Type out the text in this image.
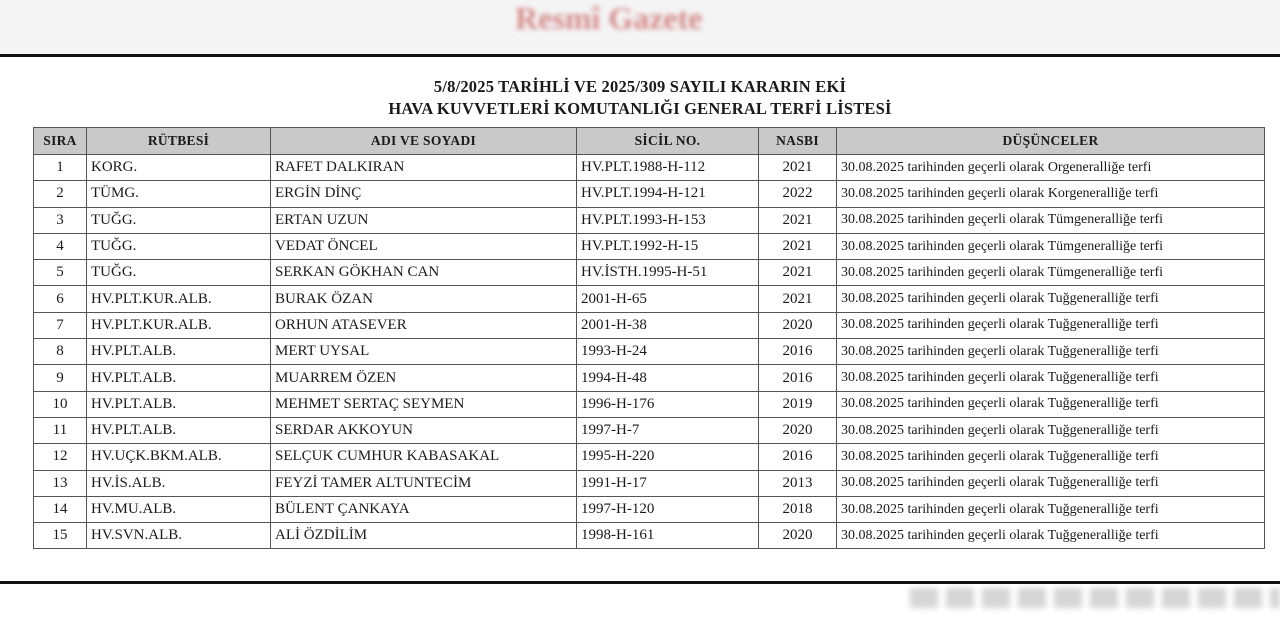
Resmî Gazete
5/8/2025 TARİHLİ VE 2025/309 SAYILI KARARIN EKİ
HAVA KUVVETLERİ KOMUTANLIĞI GENERAL TERFİ LİSTESİ
SIRA	RÜTBESİ	ADI VE SOYADI	SİCİL NO.	NASBI	DÜŞÜNCELER
1	KORG.	RAFET DALKIRAN	HV.PLT.1988-H-112	2021	30.08.2025 tarihinden geçerli olarak Orgeneralliğe terfi
2	TÜMG.	ERGİN DİNÇ	HV.PLT.1994-H-121	2022	30.08.2025 tarihinden geçerli olarak Korgeneralliğe terfi
3	TUĞG.	ERTAN UZUN	HV.PLT.1993-H-153	2021	30.08.2025 tarihinden geçerli olarak Tümgeneralliğe terfi
4	TUĞG.	VEDAT ÖNCEL	HV.PLT.1992-H-15	2021	30.08.2025 tarihinden geçerli olarak Tümgeneralliğe terfi
5	TUĞG.	SERKAN GÖKHAN CAN	HV.İSTH.1995-H-51	2021	30.08.2025 tarihinden geçerli olarak Tümgeneralliğe terfi
6	HV.PLT.KUR.ALB.	BURAK ÖZAN	2001-H-65	2021	30.08.2025 tarihinden geçerli olarak Tuğgeneralliğe terfi
7	HV.PLT.KUR.ALB.	ORHUN ATASEVER	2001-H-38	2020	30.08.2025 tarihinden geçerli olarak Tuğgeneralliğe terfi
8	HV.PLT.ALB.	MERT UYSAL	1993-H-24	2016	30.08.2025 tarihinden geçerli olarak Tuğgeneralliğe terfi
9	HV.PLT.ALB.	MUARREM ÖZEN	1994-H-48	2016	30.08.2025 tarihinden geçerli olarak Tuğgeneralliğe terfi
10	HV.PLT.ALB.	MEHMET SERTAÇ SEYMEN	1996-H-176	2019	30.08.2025 tarihinden geçerli olarak Tuğgeneralliğe terfi
11	HV.PLT.ALB.	SERDAR AKKOYUN	1997-H-7	2020	30.08.2025 tarihinden geçerli olarak Tuğgeneralliğe terfi
12	HV.UÇK.BKM.ALB.	SELÇUK CUMHUR KABASAKAL	1995-H-220	2016	30.08.2025 tarihinden geçerli olarak Tuğgeneralliğe terfi
13	HV.İS.ALB.	FEYZİ TAMER ALTUNTECİM	1991-H-17	2013	30.08.2025 tarihinden geçerli olarak Tuğgeneralliğe terfi
14	HV.MU.ALB.	BÜLENT ÇANKAYA	1997-H-120	2018	30.08.2025 tarihinden geçerli olarak Tuğgeneralliğe terfi
15	HV.SVN.ALB.	ALİ ÖZDİLİM	1998-H-161	2020	30.08.2025 tarihinden geçerli olarak Tuğgeneralliğe terfi
